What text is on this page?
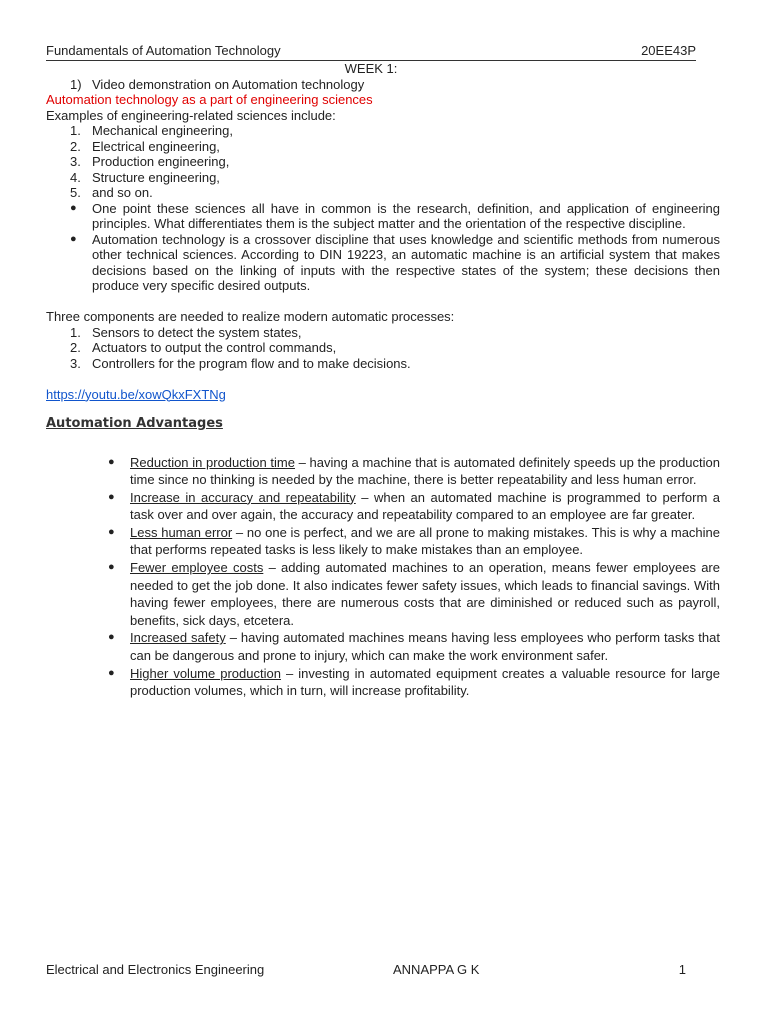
Fundamentals of Automation Technology	20EE43P
WEEK 1:
1) Video demonstration on Automation technology
Automation technology as a part of engineering sciences
Examples of engineering-related sciences include:
1. Mechanical engineering,
2. Electrical engineering,
3. Production engineering,
4. Structure engineering,
5. and so on.
● One point these sciences all have in common is the research, definition, and application of engineering principles. What differentiates them is the subject matter and the orientation of the respective discipline.
● Automation technology is a crossover discipline that uses knowledge and scientific methods from numerous other technical sciences. According to DIN 19223, an automatic machine is an artificial system that makes decisions based on the linking of inputs with the respective states of the system; these decisions then produce very specific desired outputs.
Three components are needed to realize modern automatic processes:
1. Sensors to detect the system states,
2. Actuators to output the control commands,
3. Controllers for the program flow and to make decisions.
https://youtu.be/xowQkxFXTNg
Automation Advantages
● Reduction in production time – having a machine that is automated definitely speeds up the production time since no thinking is needed by the machine, there is better repeatability and less human error.
● Increase in accuracy and repeatability – when an automated machine is programmed to perform a task over and over again, the accuracy and repeatability compared to an employee are far greater.
● Less human error – no one is perfect, and we are all prone to making mistakes. This is why a machine that performs repeated tasks is less likely to make mistakes than an employee.
● Fewer employee costs – adding automated machines to an operation, means fewer employees are needed to get the job done. It also indicates fewer safety issues, which leads to financial savings. With having fewer employees, there are numerous costs that are diminished or reduced such as payroll, benefits, sick days, etcetera.
● Increased safety – having automated machines means having less employees who perform tasks that can be dangerous and prone to injury, which can make the work environment safer.
● Higher volume production – investing in automated equipment creates a valuable resource for large production volumes, which in turn, will increase profitability.
Electrical and Electronics Engineering	ANNAPPA G K	1
